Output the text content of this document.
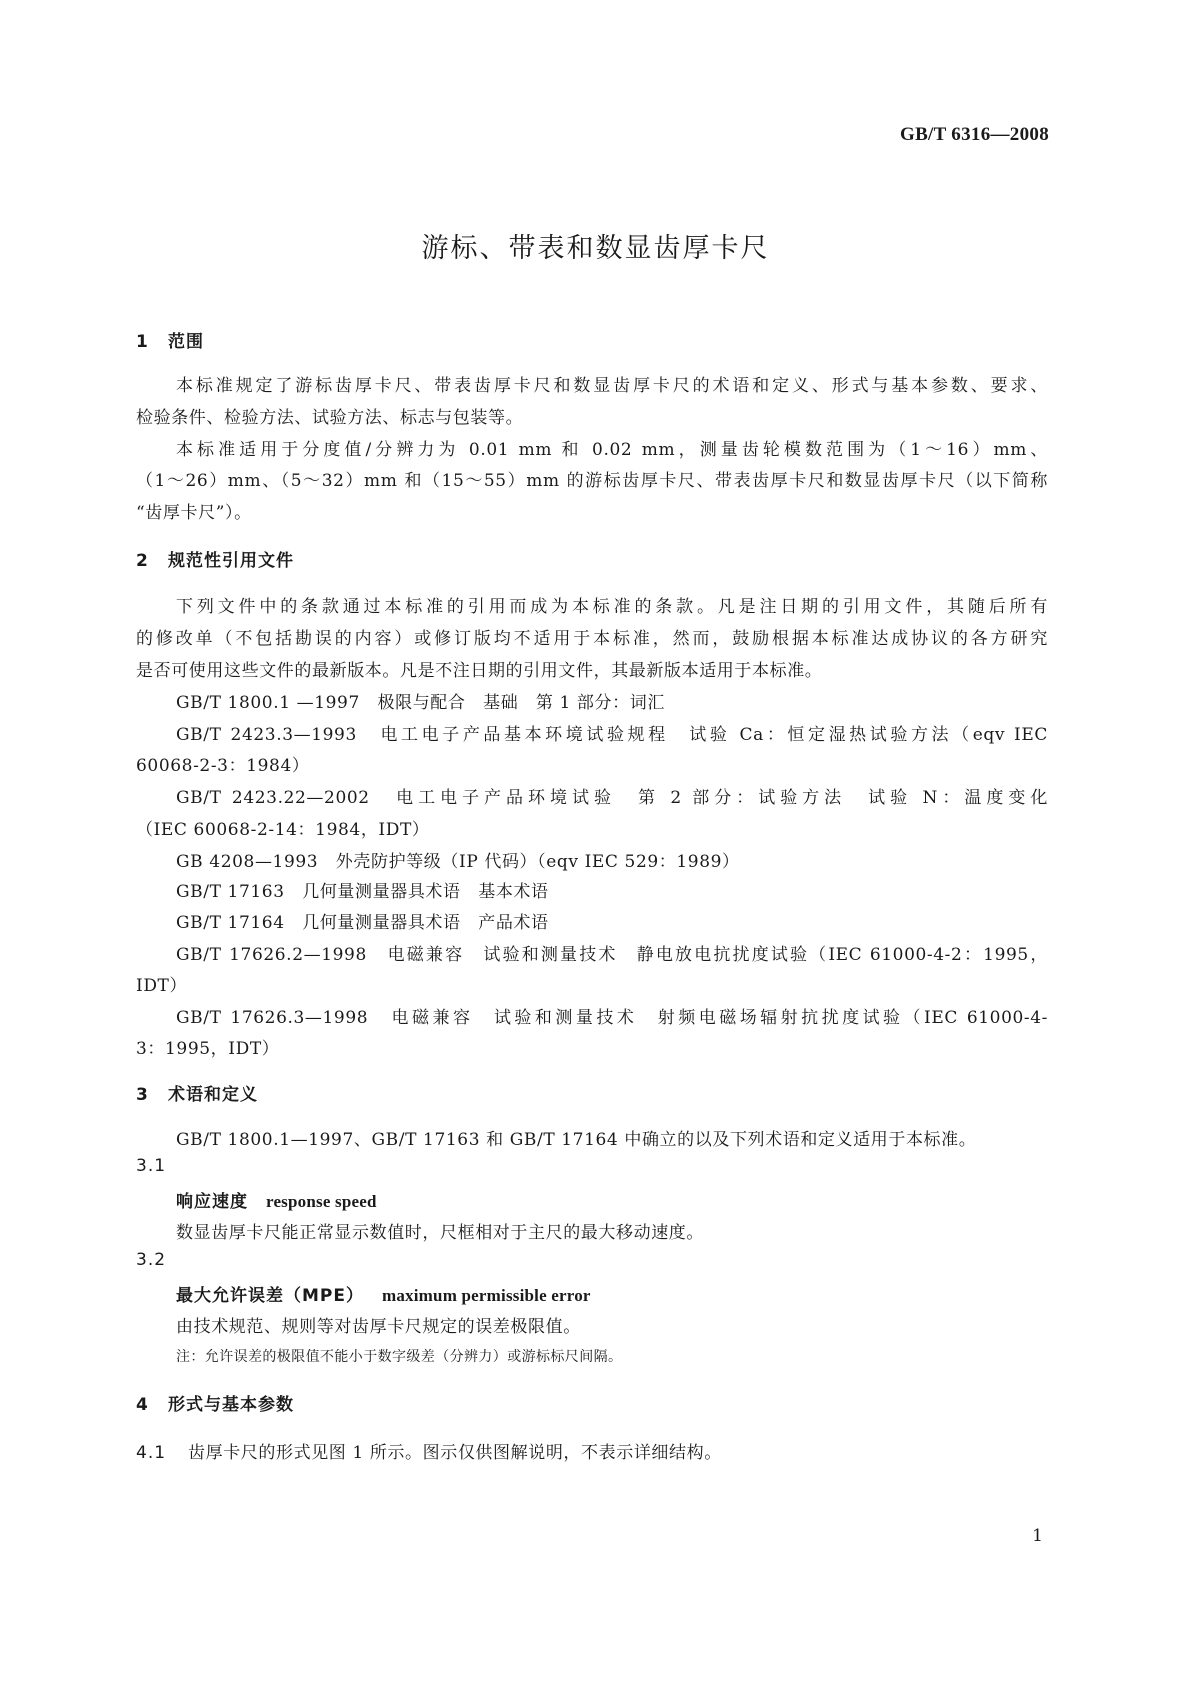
GB/T 6316—2008
游标、带表和数显齿厚卡尺
1 范围
本标准规定了游标齿厚卡尺、带表齿厚卡尺和数显齿厚卡尺的术语和定义、形式与基本参数、要求、
检验条件、检验方法、试验方法、标志与包装等。
本标准适用于分度值/分辨力为 0.01 mm 和 0.02 mm，测量齿轮模数范围为（1～16）mm、
（1～26）mm、（5～32）mm 和（15～55）mm 的游标齿厚卡尺、带表齿厚卡尺和数显齿厚卡尺（以下简称
“齿厚卡尺”）。
2 规范性引用文件
下列文件中的条款通过本标准的引用而成为本标准的条款。凡是注日期的引用文件，其随后所有
的修改单（不包括勘误的内容）或修订版均不适用于本标准，然而，鼓励根据本标准达成协议的各方研究
是否可使用这些文件的最新版本。凡是不注日期的引用文件，其最新版本适用于本标准。
GB/T 1800.1 —1997　极限与配合　基础　第 1 部分：词汇
GB/T 2423.3—1993　电工电子产品基本环境试验规程　试验 Ca：恒定湿热试验方法（eqv IEC
60068-2-3：1984）
GB/T 2423.22—2002　电工电子产品环境试验　第 2 部分：试验方法　试验 N：温度变化
（IEC 60068-2-14：1984，IDT）
GB 4208—1993　外壳防护等级（IP 代码）（eqv IEC 529：1989）
GB/T 17163　几何量测量器具术语　基本术语
GB/T 17164　几何量测量器具术语　产品术语
GB/T 17626.2—1998　电磁兼容　试验和测量技术　静电放电抗扰度试验（IEC 61000-4-2：1995，
IDT）
GB/T 17626.3—1998　电磁兼容　试验和测量技术　射频电磁场辐射抗扰度试验（IEC 61000-4-
3：1995，IDT）
3 术语和定义
GB/T 1800.1—1997、GB/T 17163 和 GB/T 17164 中确立的以及下列术语和定义适用于本标准。
3.1
响应速度 response speed
数显齿厚卡尺能正常显示数值时，尺框相对于主尺的最大移动速度。
3.2
最大允许误差（MPE） maximum permissible error
由技术规范、规则等对齿厚卡尺规定的误差极限值。
注：允许误差的极限值不能小于数字级差（分辨力）或游标标尺间隔。
4 形式与基本参数
4.1 齿厚卡尺的形式见图 1 所示。图示仅供图解说明，不表示详细结构。
1
